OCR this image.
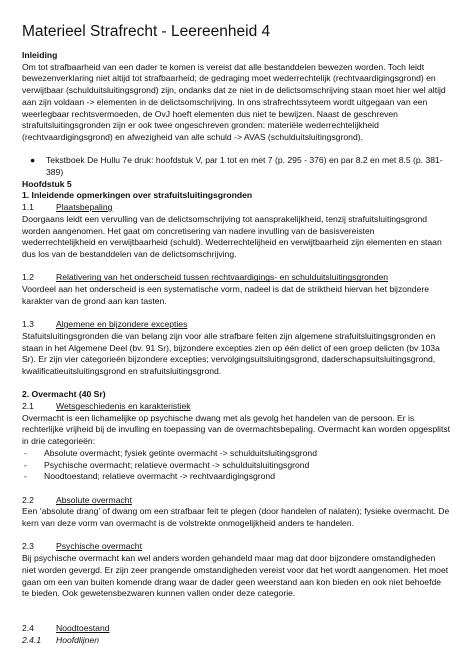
Materieel Strafrecht - Leereenheid 4

Inleiding

Om tot strafbaarheid van een dader te komen is vereist dat alle bestanddelen bewezen worden. Toch leidt bewezenverklaring niet altijd tot strafbaarheid; de gedraging moet wederrechtelijk (rechtvaardigingsgrond) en verwijtbaar (schulduitsluitingsgrond) zijn, ondanks dat ze niet in de delictsomschrijving staan moet hier wel altijd aan zijn voldaan -> elementen in de delictsomschrijving. In ons strafrechtssyteem wordt uitgegaan van een weerlegbaar rechtsvermoeden, de OvJ hoeft elementen dus niet te bewijzen. Naast de geschreven strafuitsluitingsgronden zijn er ook twee ongeschreven gronden: materiële wederrechtelijkheid (rechtvaardigingsgrond) en afwezigheid van alle schuld -> AVAS (schulduitsluitingsgrond).

●	Tekstboek De Hullu 7e druk: hoofdstuk V, par 1 tot en met 7 (p. 295 - 376) en par 8.2 en met 8.5 (p. 381- 389)

Hoofdstuk 5

1. Inleidende opmerkingen over strafuitsluitingsgronden

1.1	Plaatsbepaling

Doorgaans leidt een vervulling van de delictsomschrijving tot aansprakelijkheid, tenzij strafuitsluitingsgrond worden aangenomen. Het gaat om concretisering van nadere invulling van de basisvereisten wederrechtelijkheid en verwijtbaarheid (schuld). Wederrechtelijheid en verwijtbaarheid zijn elementen en staan dus los van de bestanddelen van de delictsomschrijving.

1.2	Relativering van het onderscheid tussen rechtvaardigings- en schulduitsluitingsgronden

Voordeel aan het onderscheid is een systematische vorm, nadeel is dat de striktheid hiervan het bijzondere karakter van de grond aan kan tasten.

1.3	Algemene en bijzondere excepties

Stafuitsluitingsgronden die van belang zijn voor alle strafbare feiten zijn algemene strafuitsluitingsgronden en staan in het Algemene Deel (bv. 91 Sr), bijzondere excepties zien op één delict of een groep delicten (bv 103a Sr). Er zijn vier categorieën bijzondere excepties; vervolgingsuitsluitingsgrond, daderschapsuitsluitingsgrond, kwalificatieuitsluitingsgrond en strafuitsluitingsgrond.

2. Overmacht (40 Sr)

2.1	Wetsgeschiedenis en karakteristiek

Overmacht is een lichamelijke op psychische dwang met als gevolg het handelen van de persoon. Er is rechterlijke vrijheid bij de invulling en toepassing van de overmachtsbepaling. Overmacht kan worden opgesplitst in drie categorieën:

-	Absolute overmacht; fysiek getinte overmacht -> schulduitsluitingsgrond
-	Psychische overmacht; relatieve overmacht -> schulduitsluitingsgrond
-	Noodtoestand; relatieve overmacht -> rechtvaardigingsgrond

2.2	Absolute overmacht

Een ‘absolute drang’ of dwang om een strafbaar feit te plegen (door handelen of nalaten); fysieke overmacht. De kern van deze vorm van overmacht is de volstrekte onmogelijkheid anders te handelen.

2.3	Psychische overmacht

Bij psychische overmacht kan wel anders worden gehandeld maar mag dat door bijzondere omstandigheden niet worden gevergd. Er zijn zeer prangende omstandigheden vereist voor dat het wordt aangenomen. Het moet gaan om een van buiten komende drang waar de dader geen weerstand aan kon bieden en ook niet behoefde te bieden. Ook gewetensbezwaren kunnen vallen onder deze categorie.

2.4	Noodtoestand

2.4.1 Hoofdlijnen
